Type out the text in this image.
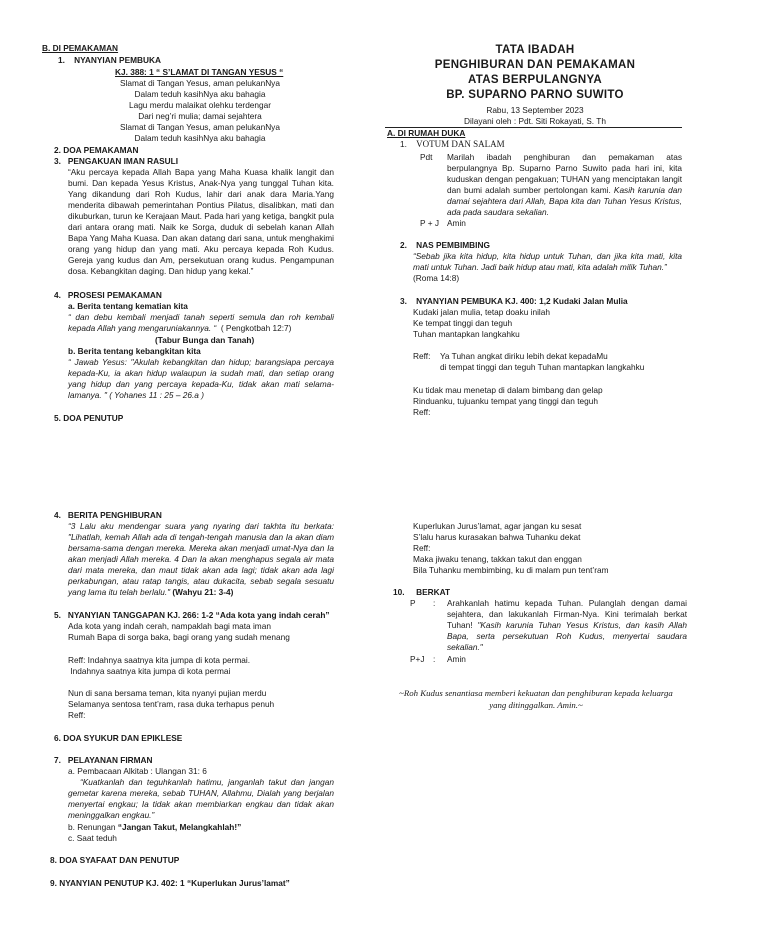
B. DI PEMAKAMAN
1. NYANYIAN PEMBUKA
KJ. 388: 1 “ S’LAMAT DI TANGAN YESUS “
Slamat di Tangan Yesus, aman pelukanNya
Dalam teduh kasihNya aku bahagia
Lagu merdu malaikat olehku terdengar
Dari neg’ri mulia; damai sejahtera
Slamat di Tangan Yesus, aman pelukanNya
Dalam teduh kasihNya aku bahagia
2. DOA PEMAKAMAN
3. PENGAKUAN IMAN RASULI
“Aku percaya kepada Allah Bapa yang Maha Kuasa khalik langit dan bumi. Dan kepada Yesus Kristus, Anak-Nya yang tunggal Tuhan kita. Yang dikandung dari Roh Kudus, lahir dari anak dara Maria.Yang menderita dibawah pemerintahan Pontius Pilatus, disalibkan, mati dan dikuburkan, turun ke Kerajaan Maut. Pada hari yang ketiga, bangkit pula dari antara orang mati. Naik ke Sorga, duduk di sebelah kanan Allah Bapa Yang Maha Kuasa. Dan akan datang dari sana, untuk menghakimi orang yang hidup dan yang mati. Aku percaya kepada Roh Kudus. Gereja yang kudus dan Am, persekutuan orang kudus. Pengampunan dosa. Kebangkitan daging. Dan hidup yang kekal.”
4. PROSESI PEMAKAMAN
a. Berita tentang kematian kita
“ dan debu kembali menjadi tanah seperti semula dan roh kembali kepada Allah yang mengaruniakannya. “ ( Pengkotbah 12:7)
(Tabur Bunga dan Tanah)
b. Berita tentang kebangkitan kita
“ Jawab Yesus: "Akulah kebangkitan dan hidup; barangsiapa percaya kepada-Ku, ia akan hidup walaupun ia sudah mati, dan setiap orang yang hidup dan yang percaya kepada-Ku, tidak akan mati selama-lamanya. " ( Yohanes 11 : 25 – 26.a )
5. DOA PENUTUP
TATA IBADAH
PENGHIBURAN DAN PEMAKAMAN
ATAS BERPULANGNYA
BP. SUPARNO PARNO SUWITO
Rabu, 13 September 2023
Dilayani oleh : Pdt. Siti Rokayati, S. Th
A. DI RUMAH DUKA
1. VOTUM DAN SALAM
Pdt Marilah ibadah penghiburan dan pemakaman atas berpulangnya Bp. Suparno Parno Suwito pada hari ini, kita kuduskan dengan pengakuan; TUHAN yang menciptakan langit dan bumi adalah sumber pertolongan kami. Kasih karunia dan damai sejahtera dari Allah, Bapa kita dan Tuhan Yesus Kristus, ada pada saudara sekalian.
P + J Amin
2. NAS PEMBIMBING
“Sebab jika kita hidup, kita hidup untuk Tuhan, dan jika kita mati, kita mati untuk Tuhan. Jadi baik hidup atau mati, kita adalah milik Tuhan.”
(Roma 14:8)
3. NYANYIAN PEMBUKA KJ. 400: 1,2 Kudaki Jalan Mulia
Kudaki jalan mulia, tetap doaku inilah
Ke tempat tinggi dan teguh
Tuhan mantapkan langkahku
Reff: Ya Tuhan angkat diriku lebih dekat kepadaMu
di tempat tinggi dan teguh Tuhan mantapkan langkahku
Ku tidak mau menetap di dalam bimbang dan gelap
Rinduanku, tujuanku tempat yang tinggi dan teguh
Reff:
4. BERITA PENGHIBURAN
“3 Lalu aku mendengar suara yang nyaring dari takhta itu berkata: "Lihatlah, kemah Allah ada di tengah-tengah manusia dan Ia akan diam bersama-sama dengan mereka. Mereka akan menjadi umat-Nya dan Ia akan menjadi Allah mereka. 4 Dan Ia akan menghapus segala air mata dari mata mereka, dan maut tidak akan ada lagi; tidak akan ada lagi perkabungan, atau ratap tangis, atau dukacita, sebab segala sesuatu yang lama itu telah berlalu." (Wahyu 21: 3-4)
5. NYANYIAN TANGGAPAN KJ. 266: 1-2 “Ada kota yang indah cerah”
Ada kota yang indah cerah, nampaklah bagi mata iman
Rumah Bapa di sorga baka, bagi orang yang sudah menang
Reff: Indahnya saatnya kita jumpa di kota permai.
Indahnya saatnya kita jumpa di kota permai
Nun di sana bersama teman, kita nyanyi pujian merdu
Selamanya sentosa tent’ram, rasa duka terhapus penuh
Reff:
6. DOA SYUKUR DAN EPIKLESE
7. PELAYANAN FIRMAN
a. Pembacaan Alkitab : Ulangan 31: 6
“Kuatkanlah dan teguhkanlah hatimu, janganlah takut dan jangan gemetar karena mereka, sebab TUHAN, Allahmu, Dialah yang berjalan menyertai engkau; Ia tidak akan membiarkan engkau dan tidak akan meninggalkan engkau.”
b. Renungan “Jangan Takut, Melangkahlah!”
c. Saat teduh
8. DOA SYAFAAT DAN PENUTUP
9. NYANYIAN PENUTUP KJ. 402: 1 “Kuperlukan Jurus’lamat”
Kuperlukan Jurus’lamat, agar jangan ku sesat
S’lalu harus kurasakan bahwa Tuhanku dekat
Reff:
Maka jiwaku tenang, takkan takut dan enggan
Bila Tuhanku membimbing, ku di malam pun tent’ram
10. BERKAT
P : Arahkanlah hatimu kepada Tuhan. Pulanglah dengan damai sejahtera, dan lakukanlah Firman-Nya. Kini terimalah berkat Tuhan! "Kasih karunia Tuhan Yesus Kristus, dan kasih Allah Bapa, serta persekutuan Roh Kudus, menyertai saudara sekalian."
P+J : Amin
~Roh Kudus senantiasa memberi kekuatan dan penghiburan kepada keluarga
yang ditinggalkan. Amin.~
